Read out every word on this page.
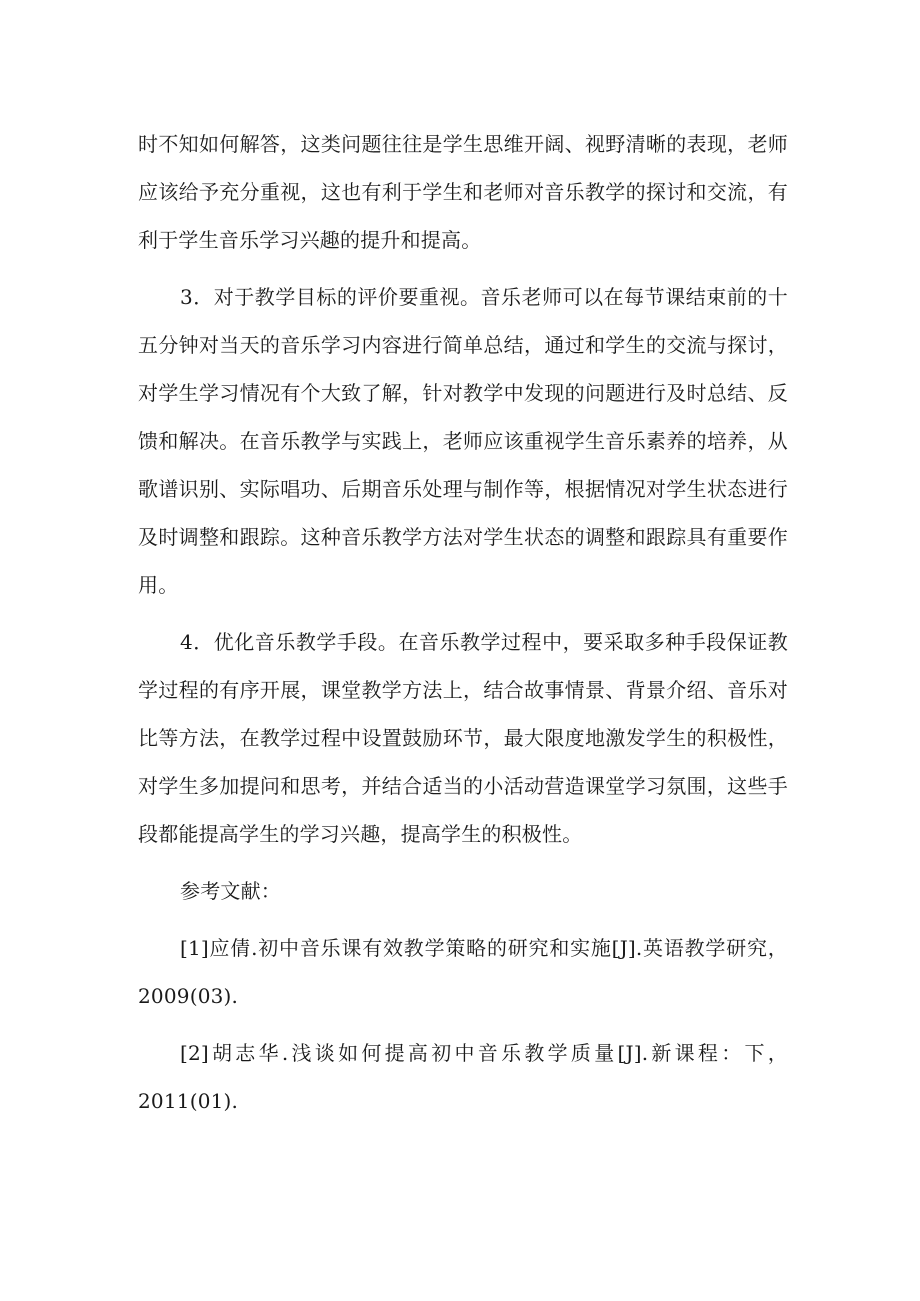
时不知如何解答，这类问题往往是学生思维开阔、视野清晰的表现，老师应该给予充分重视，这也有利于学生和老师对音乐教学的探讨和交流，有利于学生音乐学习兴趣的提升和提高。

3．对于教学目标的评价要重视。音乐老师可以在每节课结束前的十五分钟对当天的音乐学习内容进行简单总结，通过和学生的交流与探讨，对学生学习情况有个大致了解，针对教学中发现的问题进行及时总结、反馈和解决。在音乐教学与实践上，老师应该重视学生音乐素养的培养，从歌谱识别、实际唱功、后期音乐处理与制作等，根据情况对学生状态进行及时调整和跟踪。这种音乐教学方法对学生状态的调整和跟踪具有重要作用。

4．优化音乐教学手段。在音乐教学过程中，要采取多种手段保证教学过程的有序开展，课堂教学方法上，结合故事情景、背景介绍、音乐对比等方法，在教学过程中设置鼓励环节，最大限度地激发学生的积极性，对学生多加提问和思考，并结合适当的小活动营造课堂学习氛围，这些手段都能提高学生的学习兴趣，提高学生的积极性。

参考文献：

[1]应倩.初中音乐课有效教学策略的研究和实施[J].英语教学研究，2009(03).

[2]胡志华.浅谈如何提高初中音乐教学质量[J].新课程：下，2011(01).
